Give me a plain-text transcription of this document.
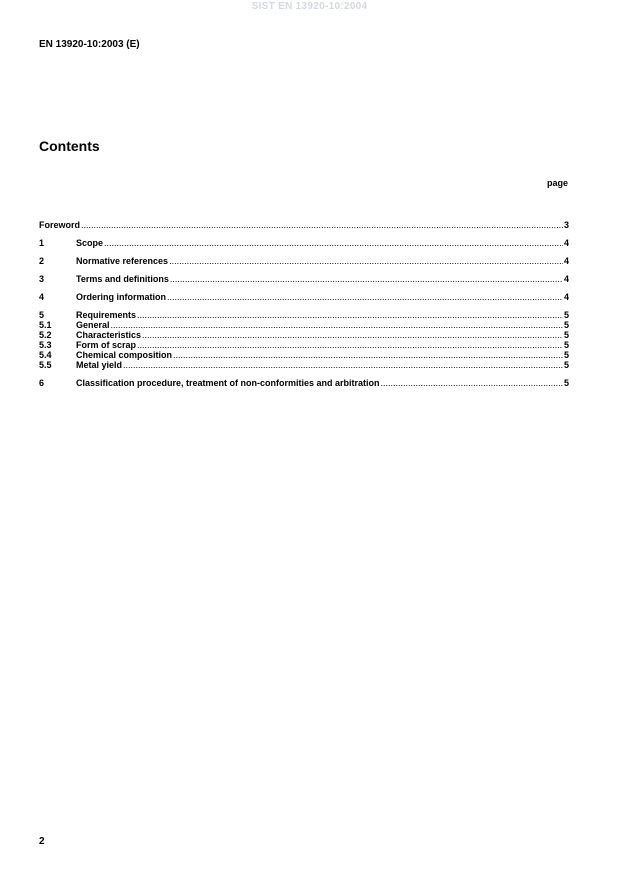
SIST EN 13920-10:2004
EN 13920-10:2003 (E)
Contents
page
Foreword .....	3
1	Scope .....	4
2	Normative references .....	4
3	Terms and definitions .....	4
4	Ordering information .....	4
5	Requirements .....	5
5.1	General .....	5
5.2	Characteristics .....	5
5.3	Form of scrap .....	5
5.4	Chemical composition .....	5
5.5	Metal yield .....	5
6	Classification procedure, treatment of non-conformities and arbitration .....	5
2
